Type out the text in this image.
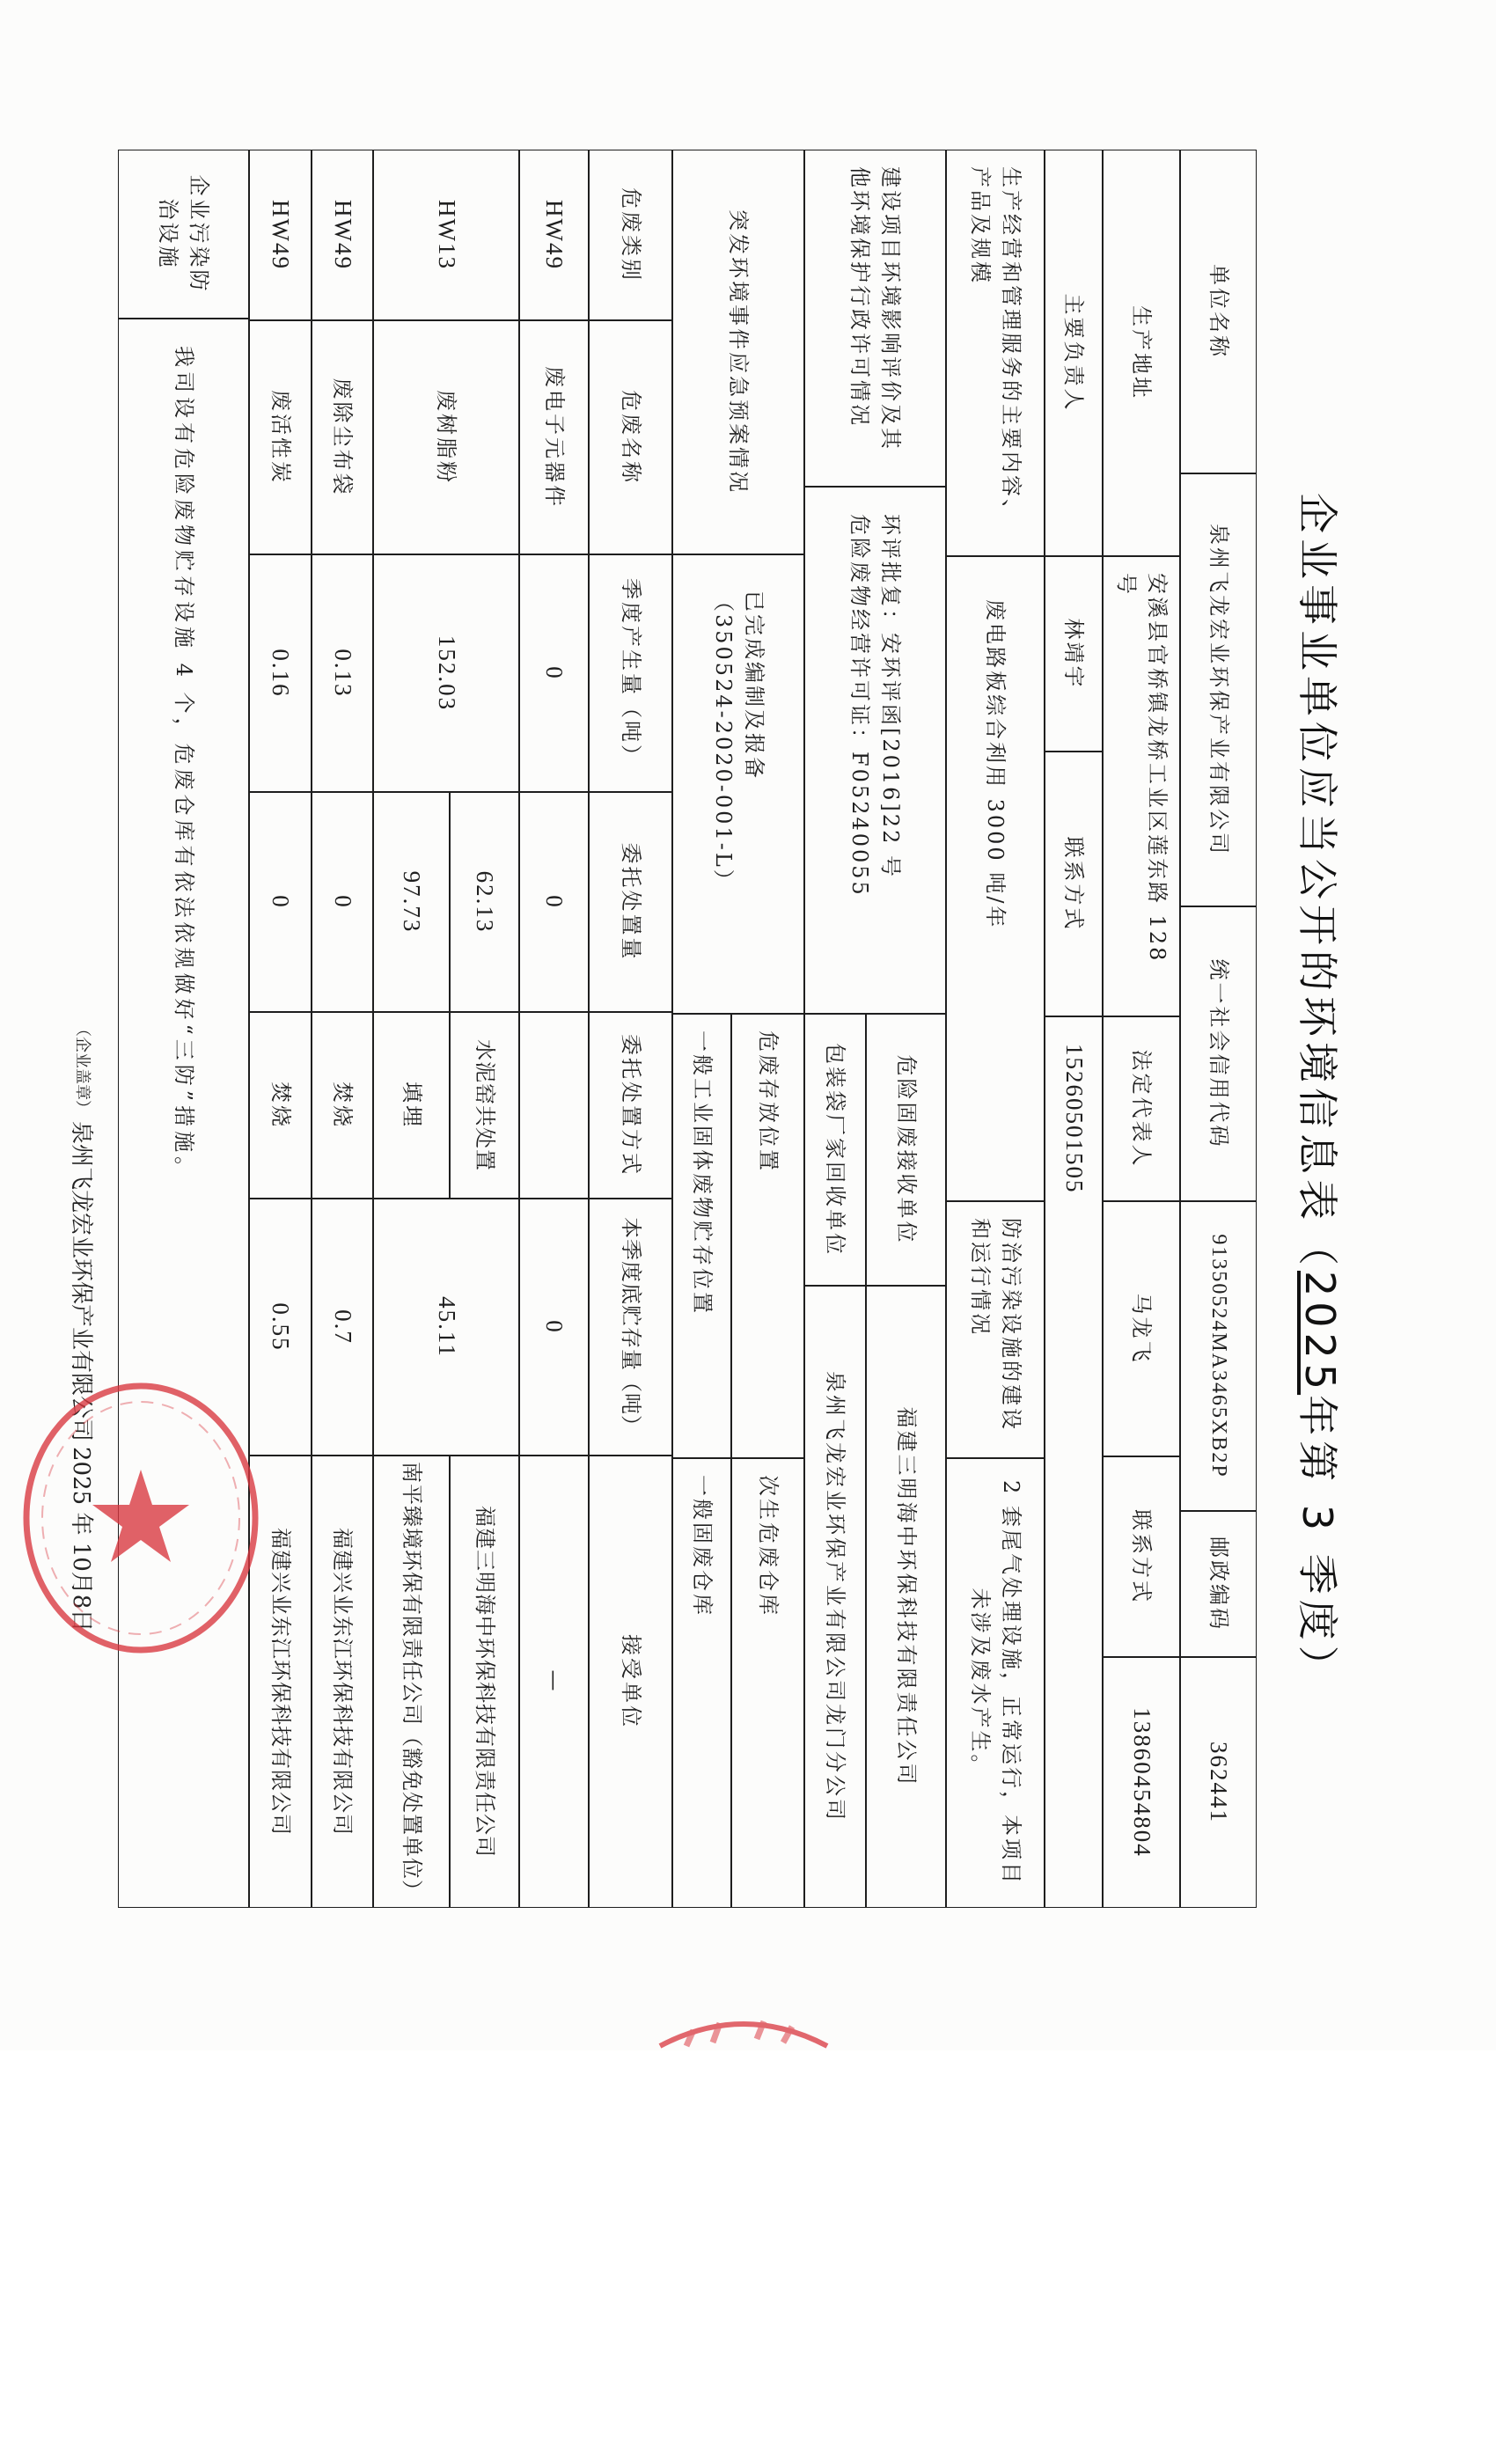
企业事业单位应当公开的环境信息表（
2025
年第 3 季度）
单位名称
泉州飞龙宏业环保产业有限公司
统一社会信用代码
91350524MA3465XB2P
邮政编码
362441
生产地址
安溪县官桥镇龙桥工业区莲东路 128
号
法定代表人
马龙飞
联系方式
13860454804
主要负责人
林靖宇
联系方式
15260501505
生产经营和管理服务的主要内容、
产品及规模
废电路板综合利用 3000 吨/年
防治污染设施的建设
和运行情况
2 套尾气处理设施，正常运行，本项目
未涉及废水产生。
建设项目环境影响评价及其
他环境保护行政许可情况
环评批复：安环评函[2016]22 号
危险废物经营许可证：F05240055
危险固废接收单位
福建三明海中环保科技有限责任公司
包装袋厂家回收单位
泉州飞龙宏业环保产业有限公司龙门分公司
突发环境事件应急预案情况
已完成编制及报备
（350524-2020-001-L）
危废存放位置
次生危废仓库
一般工业固体废物贮存位置
一般固废仓库
危废类别
危废名称
季度产生量（吨）
委托处置量
委托处置方式
本季度底贮存量（吨）
接受单位
HW49
废电子元器件
0
0
0
—
HW13
废树脂粉
152.03
62.13
97.73
水泥窑共处置
填埋
45.11
福建三明海中环保科技有限责任公司
南平臻境环保有限责任公司（豁免处置单位）
HW49
废除尘布袋
0.13
0
焚烧
0.7
福建兴业东江环保科技有限公司
HW49
废活性炭
0.16
0
焚烧
0.55
福建兴业东江环保科技有限公司
企业污染防
治设施
我司设有危险废物贮存设施 4 个，危废仓库有依法依规做好“三防”措施。
（企业盖章）
泉州飞龙宏业环保产业有限公司
2025 年 10月8日
